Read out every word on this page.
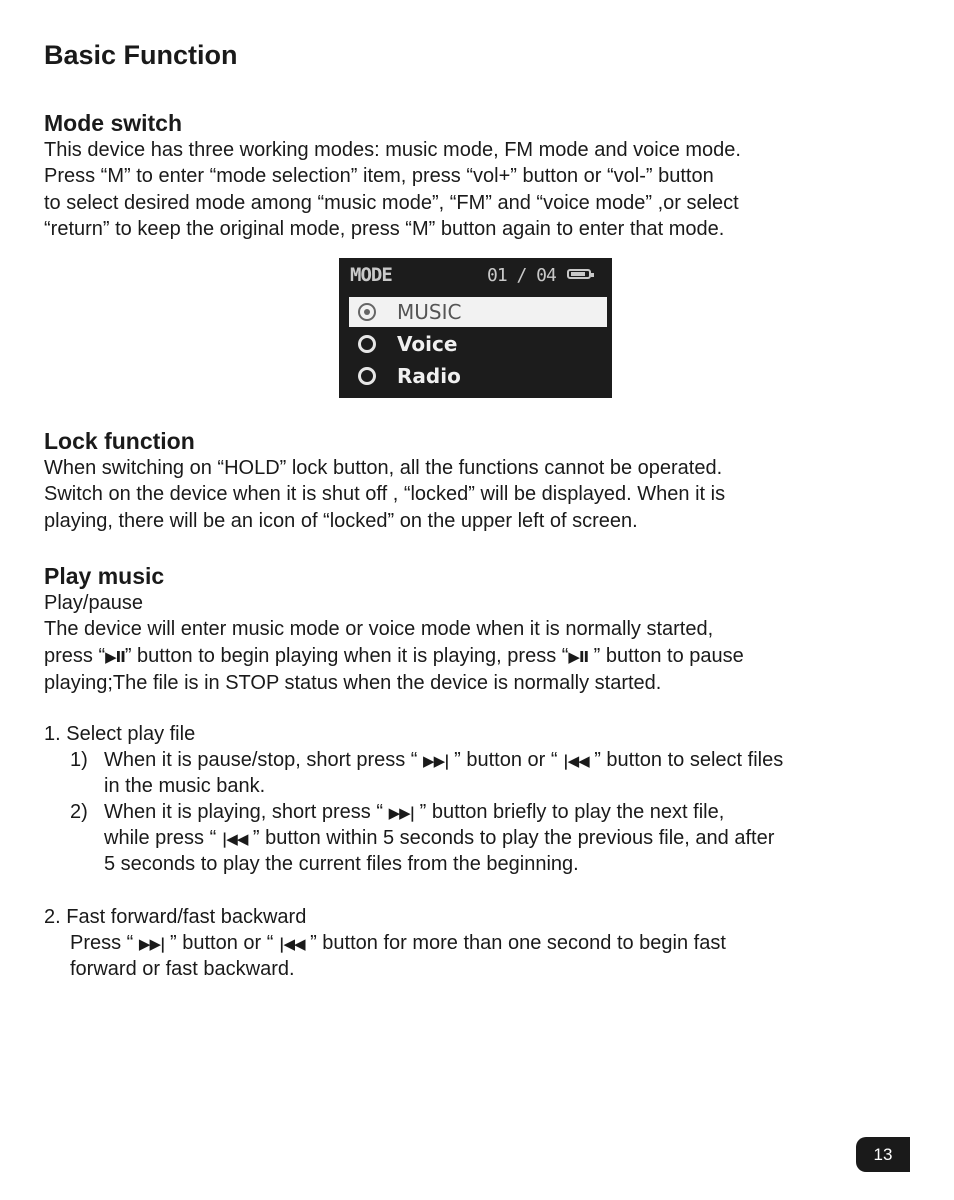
Basic Function
Mode switch
This device has three working modes: music mode, FM mode and voice mode.
Press “M” to enter “mode selection” item, press “vol+” button or “vol-” button
to select desired mode among “music mode”, “FM” and “voice mode” ,or select
“return” to keep the original mode, press “M” button again to enter that mode.
MODE	01 / 04
MUSIC
Voice
Radio
Lock function
When switching on “HOLD” lock button, all the functions cannot be operated.
Switch on the device when it is shut off , “locked” will be displayed. When it is
playing, there will be an icon of “locked” on the upper left of screen.
Play music
Play/pause
The device will enter music mode or voice mode when it is normally started,
press “▶II” button to begin playing when it is playing, press “▶II ” button to pause
playing;The file is in STOP status when the device is normally started.
1. Select play file
1) When it is pause/stop, short press “ ▶▶| ” button or “ |◀◀ ” button to select files
in the music bank.
2) When it is playing, short press “ ▶▶| ” button briefly to play the next file,
while press “ |◀◀ ” button within 5 seconds to play the previous file, and after
5 seconds to play the current files from the beginning.
2. Fast forward/fast backward
Press “ ▶▶| ” button or “ |◀◀ ” button for more than one second to begin fast
forward or fast backward.
13
